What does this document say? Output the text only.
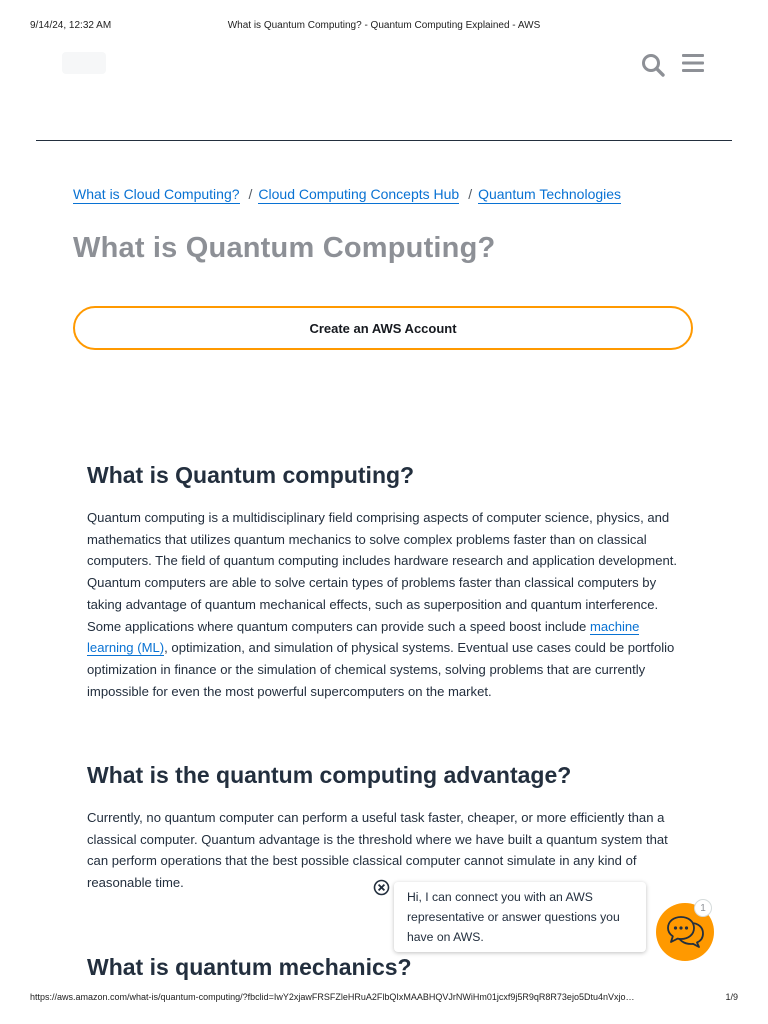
9/14/24, 12:32 AM	What is Quantum Computing? - Quantum Computing Explained - AWS
What is Cloud Computing? / Cloud Computing Concepts Hub / Quantum Technologies
What is Quantum Computing?
Create an AWS Account
What is Quantum computing?

Quantum computing is a multidisciplinary field comprising aspects of computer science, physics, and mathematics that utilizes quantum mechanics to solve complex problems faster than on classical computers. The field of quantum computing includes hardware research and application development. Quantum computers are able to solve certain types of problems faster than classical computers by taking advantage of quantum mechanical effects, such as superposition and quantum interference. Some applications where quantum computers can provide such a speed boost include machine learning (ML), optimization, and simulation of physical systems. Eventual use cases could be portfolio optimization in finance or the simulation of chemical systems, solving problems that are currently impossible for even the most powerful supercomputers on the market.

What is the quantum computing advantage?

Currently, no quantum computer can perform a useful task faster, cheaper, or more efficiently than a classical computer. Quantum advantage is the threshold where we have built a quantum system that can perform operations that the best possible classical computer cannot simulate in any kind of reasonable time.

What is quantum mechanics?
Hi, I can connect you with an AWS representative or answer questions you have on AWS.
1
https://aws.amazon.com/what-is/quantum-computing/?fbclid=IwY2xjawFRSFZleHRuA2FlbQIxMAABHQVJrNWiHm01jcxf9j5R9qR8R73ejo5Dtu4nVxjo…	1/9
